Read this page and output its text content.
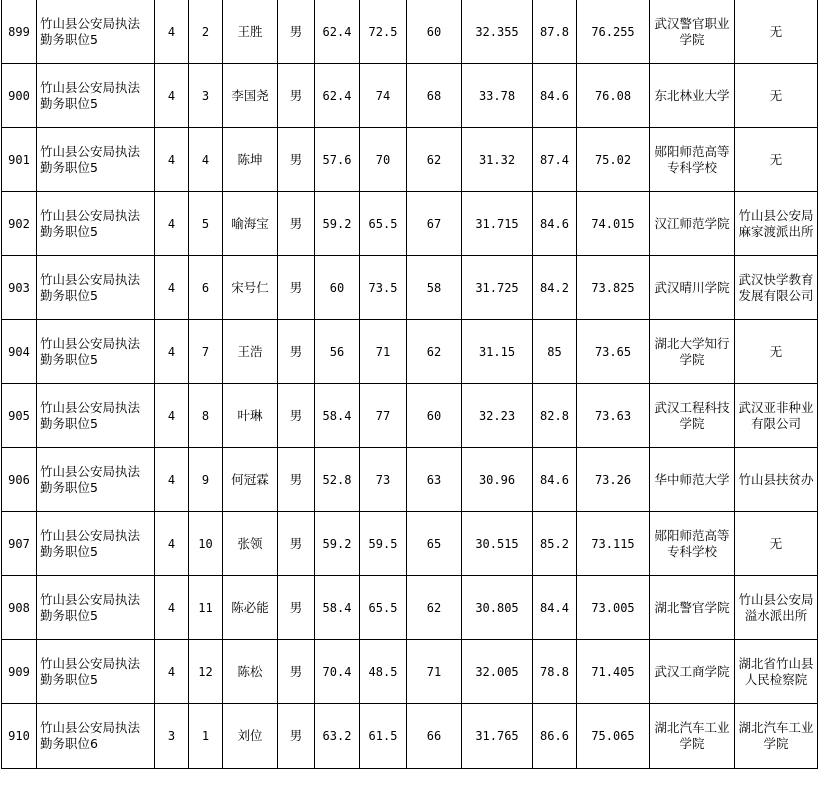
899	竹山县公安局执法勤务职位5	4	2	王胜	男	62.4	72.5	60	32.355	87.8	76.255	武汉警官职业学院	无
900	竹山县公安局执法勤务职位5	4	3	李国尧	男	62.4	74	68	33.78	84.6	76.08	东北林业大学	无
901	竹山县公安局执法勤务职位5	4	4	陈坤	男	57.6	70	62	31.32	87.4	75.02	郧阳师范高等专科学校	无
902	竹山县公安局执法勤务职位5	4	5	喻海宝	男	59.2	65.5	67	31.715	84.6	74.015	汉江师范学院	竹山县公安局麻家渡派出所
903	竹山县公安局执法勤务职位5	4	6	宋号仁	男	60	73.5	58	31.725	84.2	73.825	武汉晴川学院	武汉快学教育发展有限公司
904	竹山县公安局执法勤务职位5	4	7	王浩	男	56	71	62	31.15	85	73.65	湖北大学知行学院	无
905	竹山县公安局执法勤务职位5	4	8	叶琳	男	58.4	77	60	32.23	82.8	73.63	武汉工程科技学院	武汉亚非种业有限公司
906	竹山县公安局执法勤务职位5	4	9	何冠霖	男	52.8	73	63	30.96	84.6	73.26	华中师范大学	竹山县扶贫办
907	竹山县公安局执法勤务职位5	4	10	张领	男	59.2	59.5	65	30.515	85.2	73.115	郧阳师范高等专科学校	无
908	竹山县公安局执法勤务职位5	4	11	陈必能	男	58.4	65.5	62	30.805	84.4	73.005	湖北警官学院	竹山县公安局溢水派出所
909	竹山县公安局执法勤务职位5	4	12	陈松	男	70.4	48.5	71	32.005	78.8	71.405	武汉工商学院	湖北省竹山县人民检察院
910	竹山县公安局执法勤务职位6	3	1	刘位	男	63.2	61.5	66	31.765	86.6	75.065	湖北汽车工业学院	湖北汽车工业学院
